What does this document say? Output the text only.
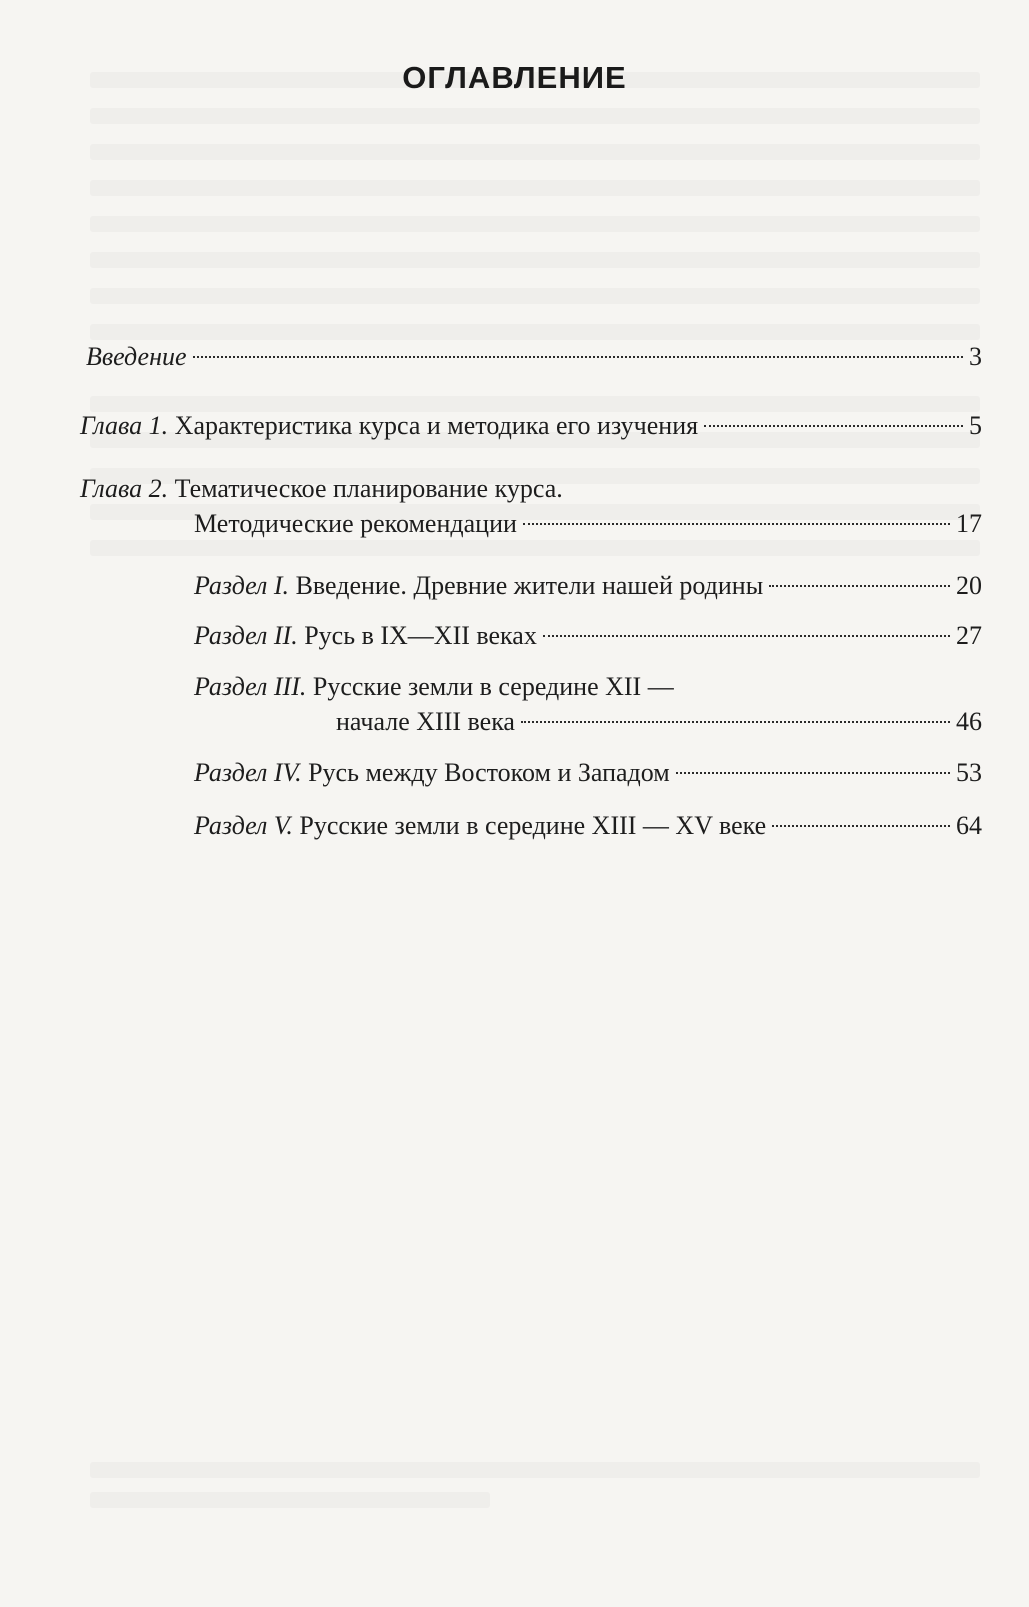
ОГЛАВЛЕНИЕ
Введение	3
Глава 1. Характеристика курса и методика его изучения	5
Глава 2. Тематическое планирование курса.
Методические рекомендации	17
Раздел I. Введение. Древние жители нашей родины	20
Раздел II. Русь в IX—XII веках	27
Раздел III. Русские земли в середине XII —
начале XIII века	46
Раздел IV. Русь между Востоком и Западом	53
Раздел V. Русские земли в середине XIII — XV веке	64
